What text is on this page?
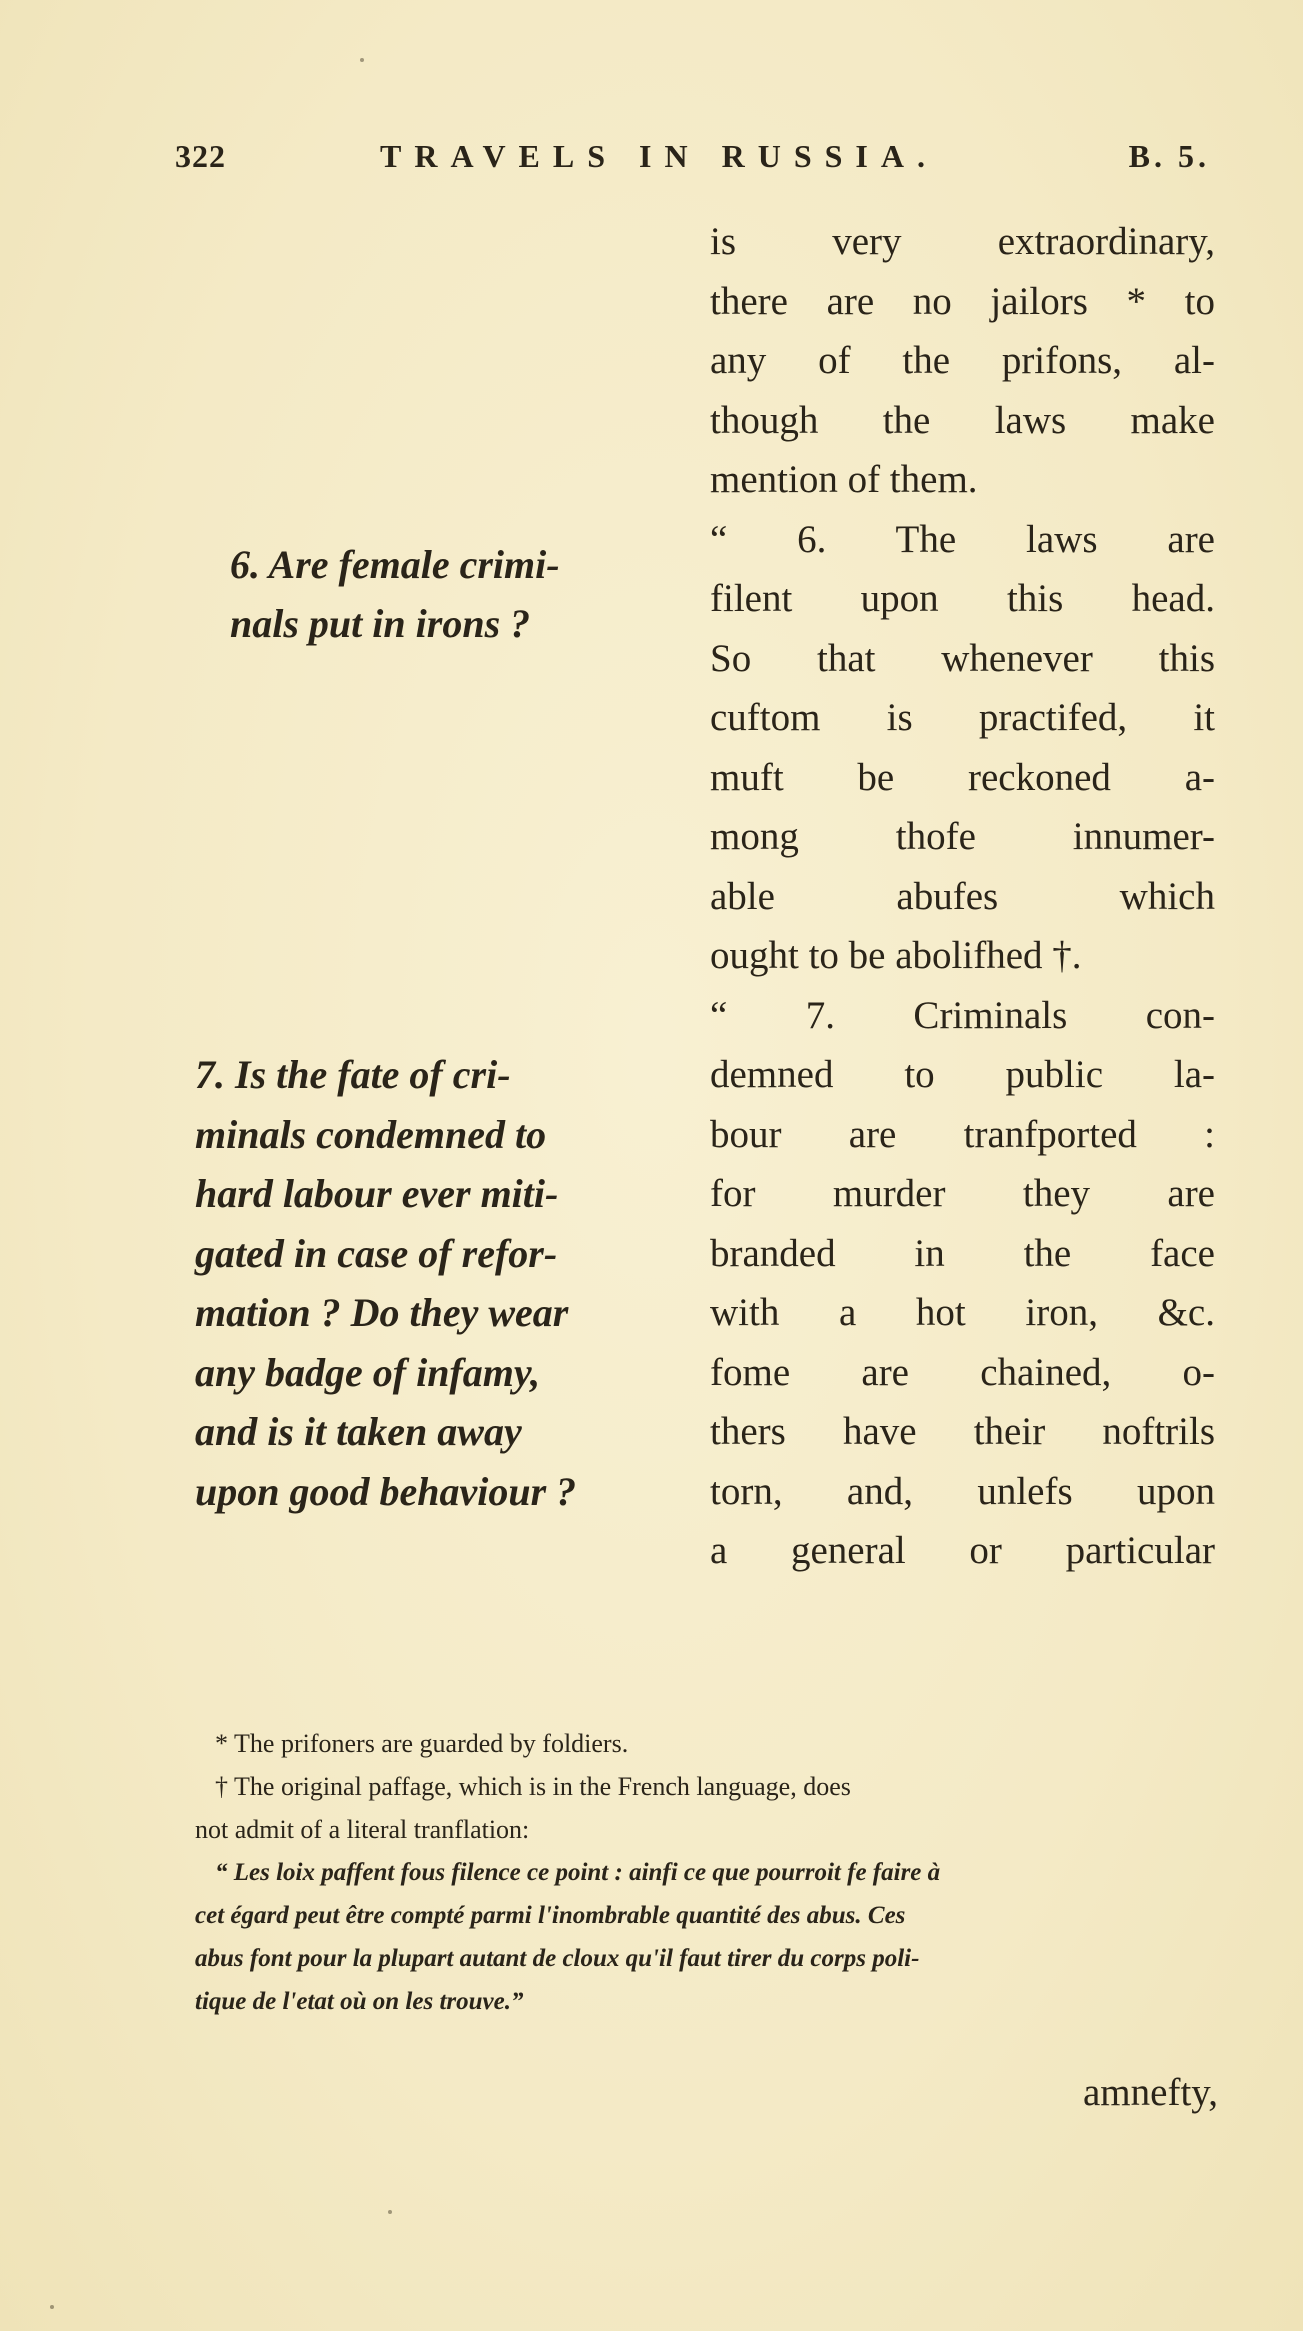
322	TRAVELS IN RUSSIA.	B. 5.
6. Are female crimi-
nals put in irons ?
7. Is the fate of cri-
minals condemned to
hard labour ever miti-
gated in case of refor-
mation ? Do they wear
any badge of infamy,
and is it taken away
upon good behaviour ?
is very extraordinary,
there are no jailors * to
any of the prifons, al-
though the laws make
mention of them.
“ 6. The laws are
filent upon this head.
So that whenever this
cuftom is practifed, it
muft be reckoned a-
mong thofe innumer-
able abufes which
ought to be abolifhed †.
“ 7. Criminals con-
demned to public la-
bour are tranfported :
for murder they are
branded in the face
with a hot iron, &c.
fome are chained, o-
thers have their noftrils
torn, and, unlefs upon
a general or particular
* The prifoners are guarded by foldiers.
† The original paffage, which is in the French language, does
not admit of a literal tranflation:
“ Les loix paffent fous filence ce point : ainfi ce que pourroit fe faire à
cet égard peut être compté parmi l'inombrable quantité des abus. Ces
abus font pour la plupart autant de cloux qu'il faut tirer du corps poli-
tique de l'etat où on les trouve.”
amnefty,
